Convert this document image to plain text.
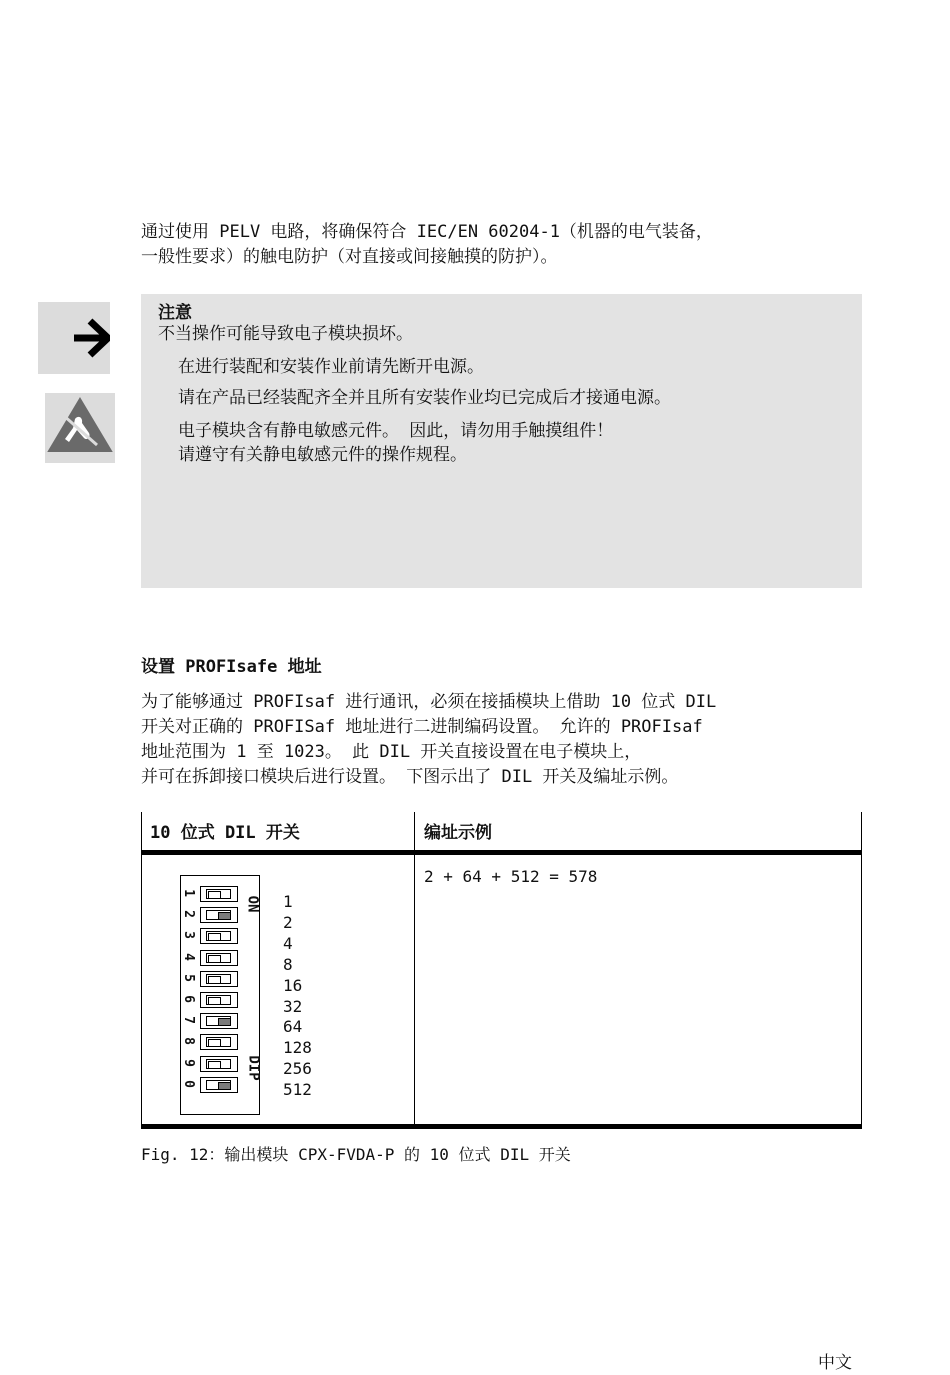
通过使用 PELV 电路，将确保符合 IEC/EN 60204-1（机器的电气装备，
一般性要求）的触电防护（对直接或间接触摸的防护）。
注意
不当操作可能导致电子模块损坏。
在进行装配和安装作业前请先断开电源。
请在产品已经装配齐全并且所有安装作业均已完成后才接通电源。
电子模块含有静电敏感元件。 因此，请勿用手触摸组件！
请遵守有关静电敏感元件的操作规程。
设置 PROFIsafe 地址
为了能够通过 PROFIsaf 进行通讯，必须在接插模块上借助 10 位式 DIL
开关对正确的 PROFISaf 地址进行二进制编码设置。 允许的 PROFIsaf
地址范围为 1 至 1023。 此 DIL 开关直接设置在电子模块上，
并可在拆卸接口模块后进行设置。 下图示出了 DIL 开关及编址示例。
10 位式 DIL 开关	编址示例
2 + 64 + 512 = 578
1
2
3
4
5
6
7
8
9
0
ON
DIP
1
2
4
8
16
32
64
128
256
512
Fig. 12：输出模块 CPX-FVDA-P 的 10 位式 DIL 开关
中文
